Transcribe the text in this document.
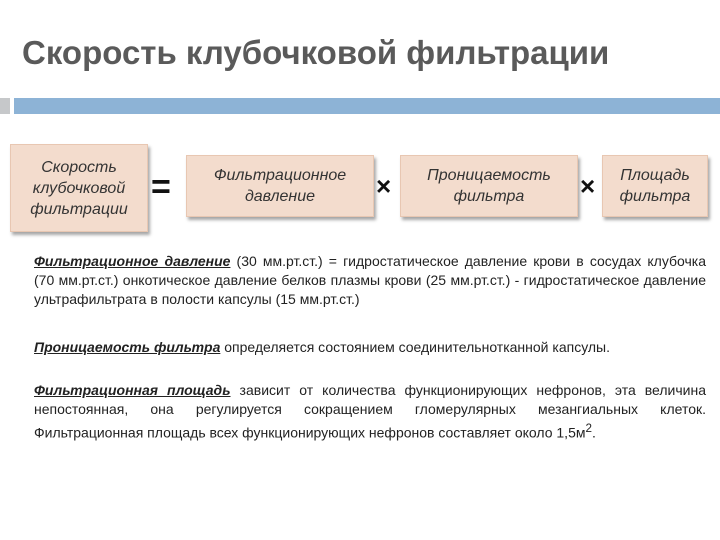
Скорость клубочковой фильтрации
Скорость
клубочковой
фильтрации
=	Фильтрационное
давление	×	Проницаемость
фильтра	×	Площадь
фильтра
Фильтрационное давление (30 мм.рт.ст.) = гидростатическое давление крови в сосудах клубочка (70 мм.рт.ст.) онкотическое давление белков плазмы крови (25 мм.рт.ст.) - гидростатическое давление ультрафильтрата в полости капсулы (15 мм.рт.ст.)
Проницаемость фильтра определяется состоянием соединительнотканной капсулы.
Фильтрационная площадь зависит от количества функционирующих нефронов, эта величина непостоянная, она регулируется сокращением гломерулярных мезангиальных клеток. Фильтрационная площадь всех функционирующих нефронов составляет около $1,5м^2$.
